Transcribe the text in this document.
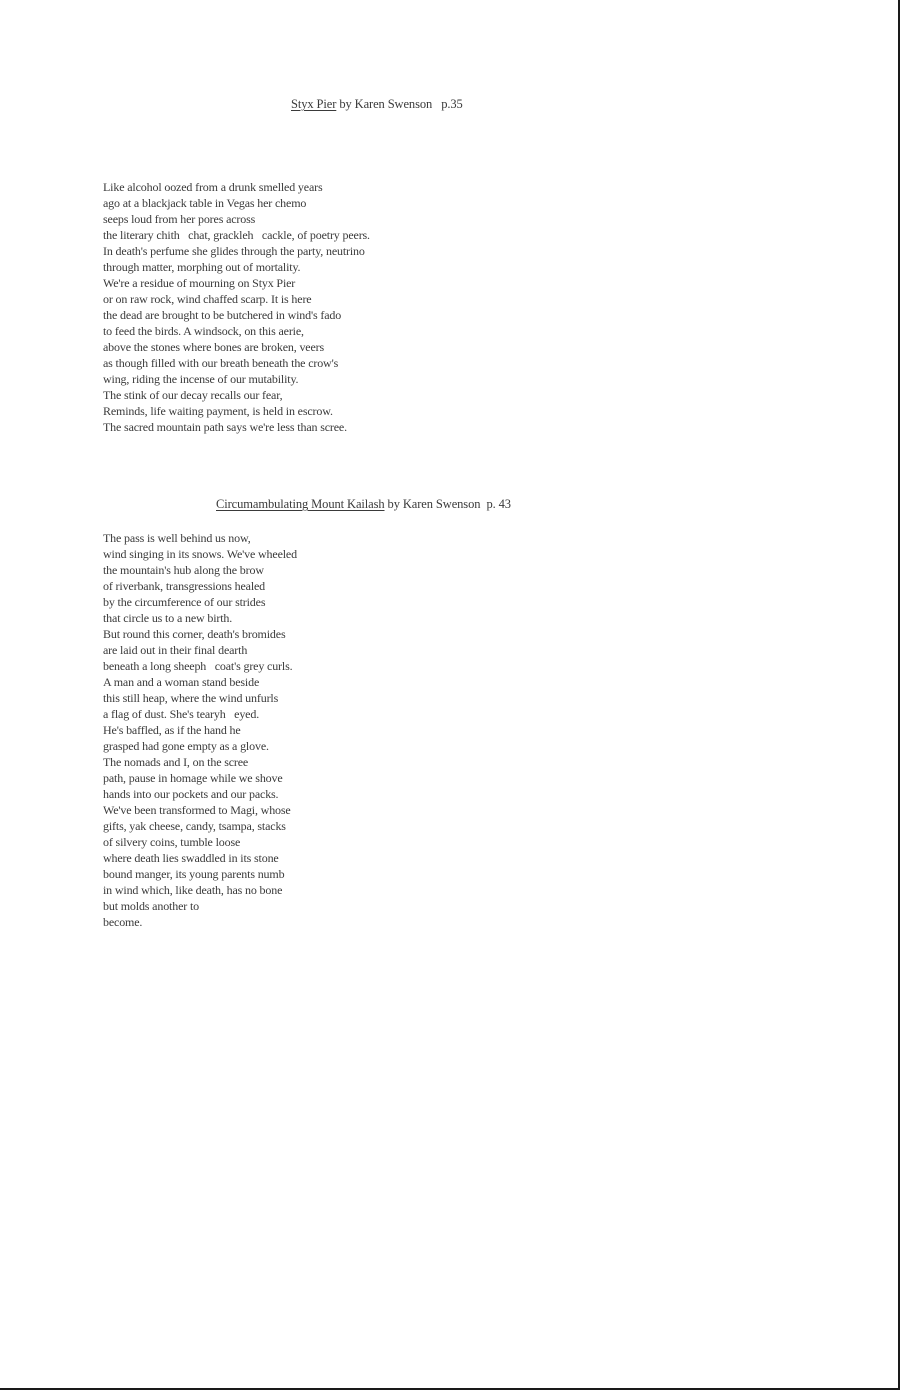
Styx Pier by Karen Swenson p.35
Like alcohol oozed from a drunk smelled years
ago at a blackjack table in Vegas her chemo
seeps loud from her pores across
the literary chith   chat, grackleh   cackle, of poetry peers.
In death's perfume she glides through the party, neutrino
through matter, morphing out of mortality.
We're a residue of mourning on Styx Pier
or on raw rock, wind chaffed scarp. It is here
the dead are brought to be butchered in wind's fado
to feed the birds. A windsock, on this aerie,
above the stones where bones are broken, veers
as though filled with our breath beneath the crow's
wing, riding the incense of our mutability.
The stink of our decay recalls our fear,
Reminds, life waiting payment, is held in escrow.
The sacred mountain path says we're less than scree.
Circumambulating Mount Kailash by Karen Swenson p. 43
The pass is well behind us now,
wind singing in its snows. We've wheeled
the mountain's hub along the brow
of riverbank, transgressions healed
by the circumference of our strides
that circle us to a new birth.
But round this corner, death's bromides
are laid out in their final dearth
beneath a long sheeph   coat's grey curls.
A man and a woman stand beside
this still heap, where the wind unfurls
a flag of dust. She's tearyh   eyed.
He's baffled, as if the hand he
grasped had gone empty as a glove.
The nomads and I, on the scree
path, pause in homage while we shove
hands into our pockets and our packs.
We've been transformed to Magi, whose
gifts, yak cheese, candy, tsampa, stacks
of silvery coins, tumble loose
where death lies swaddled in its stone
bound manger, its young parents numb
in wind which, like death, has no bone
but molds another to
become.
